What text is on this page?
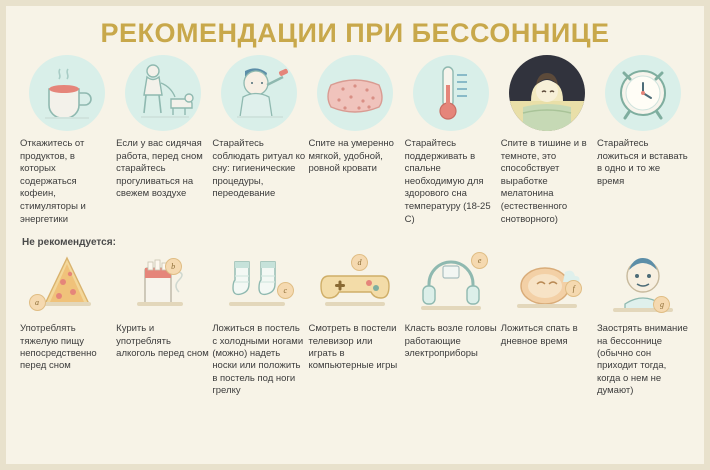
РЕКОМЕНДАЦИИ ПРИ БЕССОННИЦЕ
Откажитесь от продуктов, в которых содержаться кофеин, стимуляторы и энергетики
Если у вас сидячая работа, перед сном старайтесь прогуливаться на свежем воздухе
Старайтесь соблюдать ритуал ко сну: гигиенические процедуры, переодевание
Спите на умеренно мягкой, удобной, ровной кровати
Старайтесь поддерживать в спальне необходимую для здорового сна температуру (18-25 С)
Спите в тишине и в темноте, это способствует выработке мелатонина (естественного снотворного)
Старайтесь ложиться и вставать в одно и то же время
Не рекомендуется:
a
Употреблять тяжелую пищу непосредственно перед сном
b
Курить и употреблять алкоголь перед сном
c
Ложиться в постель с холодными ногами (можно) надеть носки или положить в постель под ноги грелку
d
Смотреть в постели телевизор или играть в компьютерные игры
e
Класть возле головы работающие электроприборы
f
Ложиться спать в дневное время
g
Заострять внимание на бессоннице (обычно сон приходит тогда, когда о нем не думают)
